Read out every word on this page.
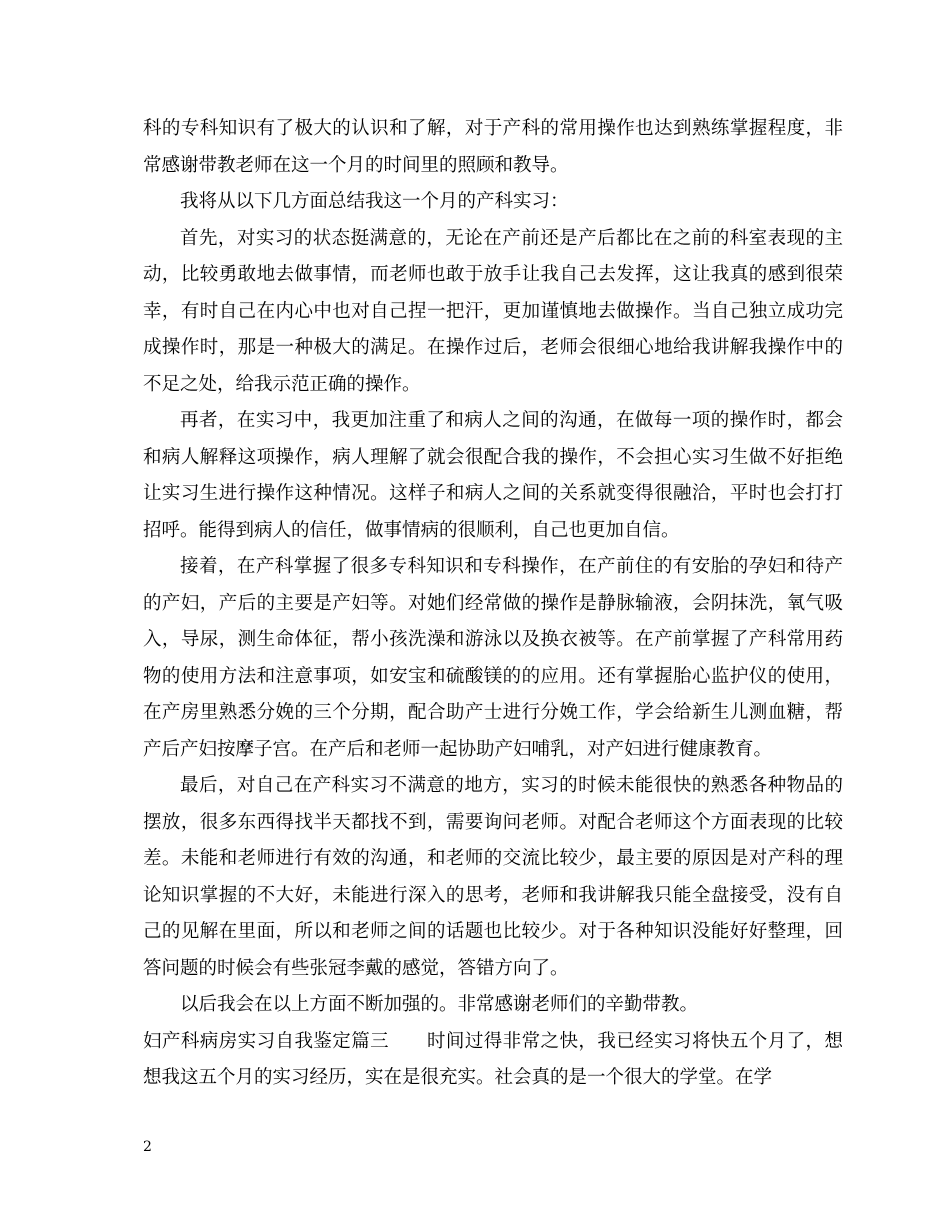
科的专科知识有了极大的认识和了解，对于产科的常用操作也达到熟练掌握程度，非常感谢带教老师在这一个月的时间里的照顾和教导。

我将从以下几方面总结我这一个月的产科实习：

首先，对实习的状态挺满意的，无论在产前还是产后都比在之前的科室表现的主动，比较勇敢地去做事情，而老师也敢于放手让我自己去发挥，这让我真的感到很荣幸，有时自己在内心中也对自己捏一把汗，更加谨慎地去做操作。当自己独立成功完成操作时，那是一种极大的满足。在操作过后，老师会很细心地给我讲解我操作中的不足之处，给我示范正确的操作。

再者，在实习中，我更加注重了和病人之间的沟通，在做每一项的操作时，都会和病人解释这项操作，病人理解了就会很配合我的操作，不会担心实习生做不好拒绝让实习生进行操作这种情况。这样子和病人之间的关系就变得很融洽，平时也会打打招呼。能得到病人的信任，做事情病的很顺利，自己也更加自信。

接着，在产科掌握了很多专科知识和专科操作，在产前住的有安胎的孕妇和待产的产妇，产后的主要是产妇等。对她们经常做的操作是静脉输液，会阴抹洗，氧气吸入，导尿，测生命体征，帮小孩洗澡和游泳以及换衣被等。在产前掌握了产科常用药物的使用方法和注意事项，如安宝和硫酸镁的的应用。还有掌握胎心监护仪的使用，在产房里熟悉分娩的三个分期，配合助产士进行分娩工作，学会给新生儿测血糖，帮产后产妇按摩子宫。在产后和老师一起协助产妇哺乳，对产妇进行健康教育。

最后，对自己在产科实习不满意的地方，实习的时候未能很快的熟悉各种物品的摆放，很多东西得找半天都找不到，需要询问老师。对配合老师这个方面表现的比较差。未能和老师进行有效的沟通，和老师的交流比较少，最主要的原因是对产科的理论知识掌握的不大好，未能进行深入的思考，老师和我讲解我只能全盘接受，没有自己的见解在里面，所以和老师之间的话题也比较少。对于各种知识没能好好整理，回答问题的时候会有些张冠李戴的感觉，答错方向了。

以后我会在以上方面不断加强的。非常感谢老师们的辛勤带教。

妇产科病房实习自我鉴定篇三　　时间过得非常之快，我已经实习将快五个月了，想想我这五个月的实习经历，实在是很充实。社会真的是一个很大的学堂。在学

2
